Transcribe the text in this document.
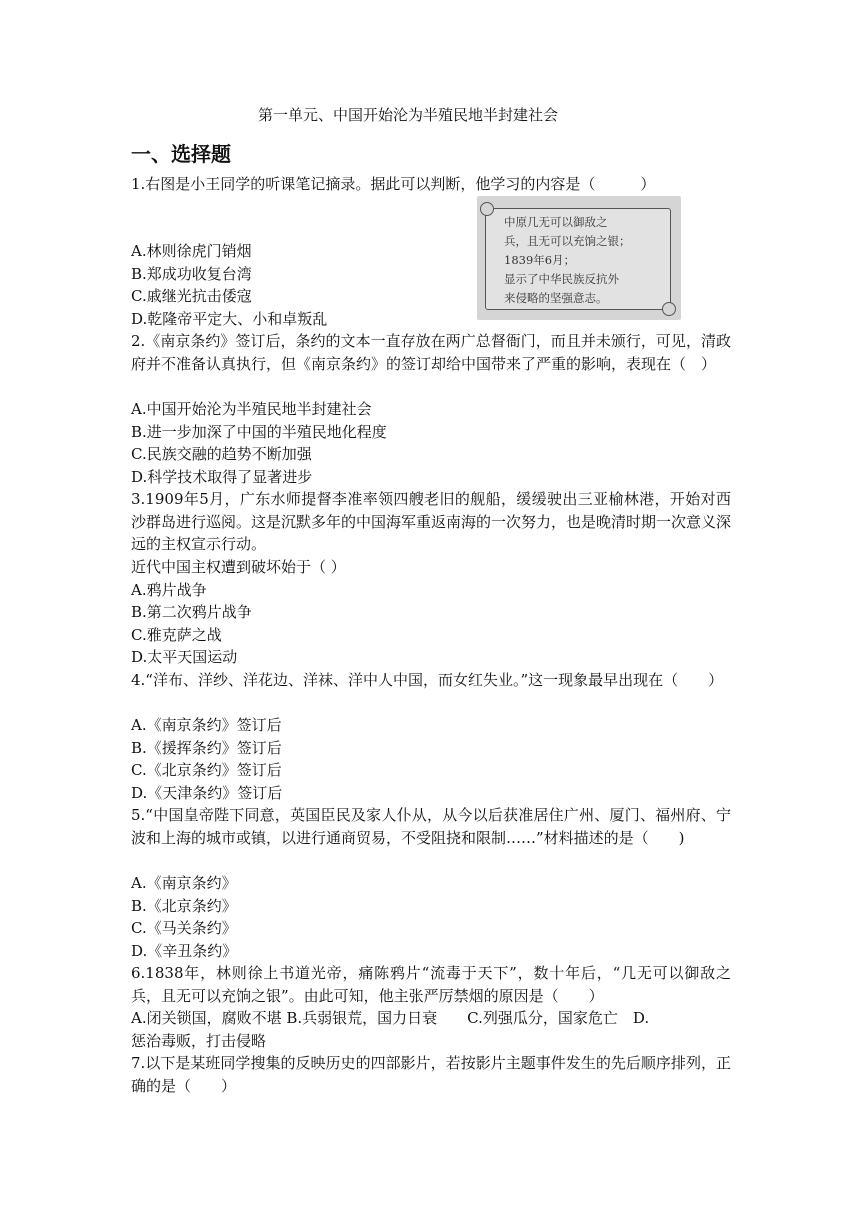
第一单元、中国开始沦为半殖民地半封建社会
一、选择题
1.右图是小王同学的听课笔记摘录。据此可以判断，他学习的内容是（　　　）
中原几无可以御敌之
兵，且无可以充饷之银；
1839年6月；
显示了中华民族反抗外
来侵略的坚强意志。
A.林则徐虎门销烟
B.郑成功收复台湾
C.戚继光抗击倭寇
D.乾隆帝平定大、小和卓叛乱
2.《南京条约》签订后，条约的文本一直存放在两广总督衙门，而且并未颁行，可见，清政府并不准备认真执行，但《南京条约》的签订却给中国带来了严重的影响，表现在（　）
A.中国开始沦为半殖民地半封建社会
B.进一步加深了中国的半殖民地化程度
C.民族交融的趋势不断加强
D.科学技术取得了显著进步
3.1909年5月，广东水师提督李准率领四艘老旧的舰船，缓缓驶出三亚榆林港，开始对西沙群岛进行巡阅。这是沉默多年的中国海军重返南海的一次努力，也是晚清时期一次意义深远的主权宣示行动。
近代中国主权遭到破坏始于（ ）
A.鸦片战争
B.第二次鸦片战争
C.雅克萨之战
D.太平天国运动
4.“洋布、洋纱、洋花边、洋袜、洋中人中国，而女红失业。”这一现象最早出现在（　　）
A.《南京条约》签订后
B.《援挥条约》签订后
C.《北京条约》签订后
D.《天津条约》签订后
5.“中国皇帝陛下同意，英国臣民及家人仆从，从今以后获准居住广州、厦门、福州府、宁波和上海的城市或镇，以进行通商贸易，不受阻挠和限制……”材料描述的是（　　)
A.《南京条约》
B.《北京条约》
C.《马关条约》
D.《辛丑条约》
6.1838年，林则徐上书道光帝，痛陈鸦片“流毒于天下”，数十年后，“几无可以御敌之兵，且无可以充饷之银”。由此可知，他主张严厉禁烟的原因是（　　）
A.闭关锁国，腐败不堪 B.兵弱银荒，国力日衰　　C.列强瓜分，国家危亡　D.
惩治毒贩，打击侵略
7.以下是某班同学搜集的反映历史的四部影片，若按影片主题事件发生的先后顺序排列，正确的是（　　）
